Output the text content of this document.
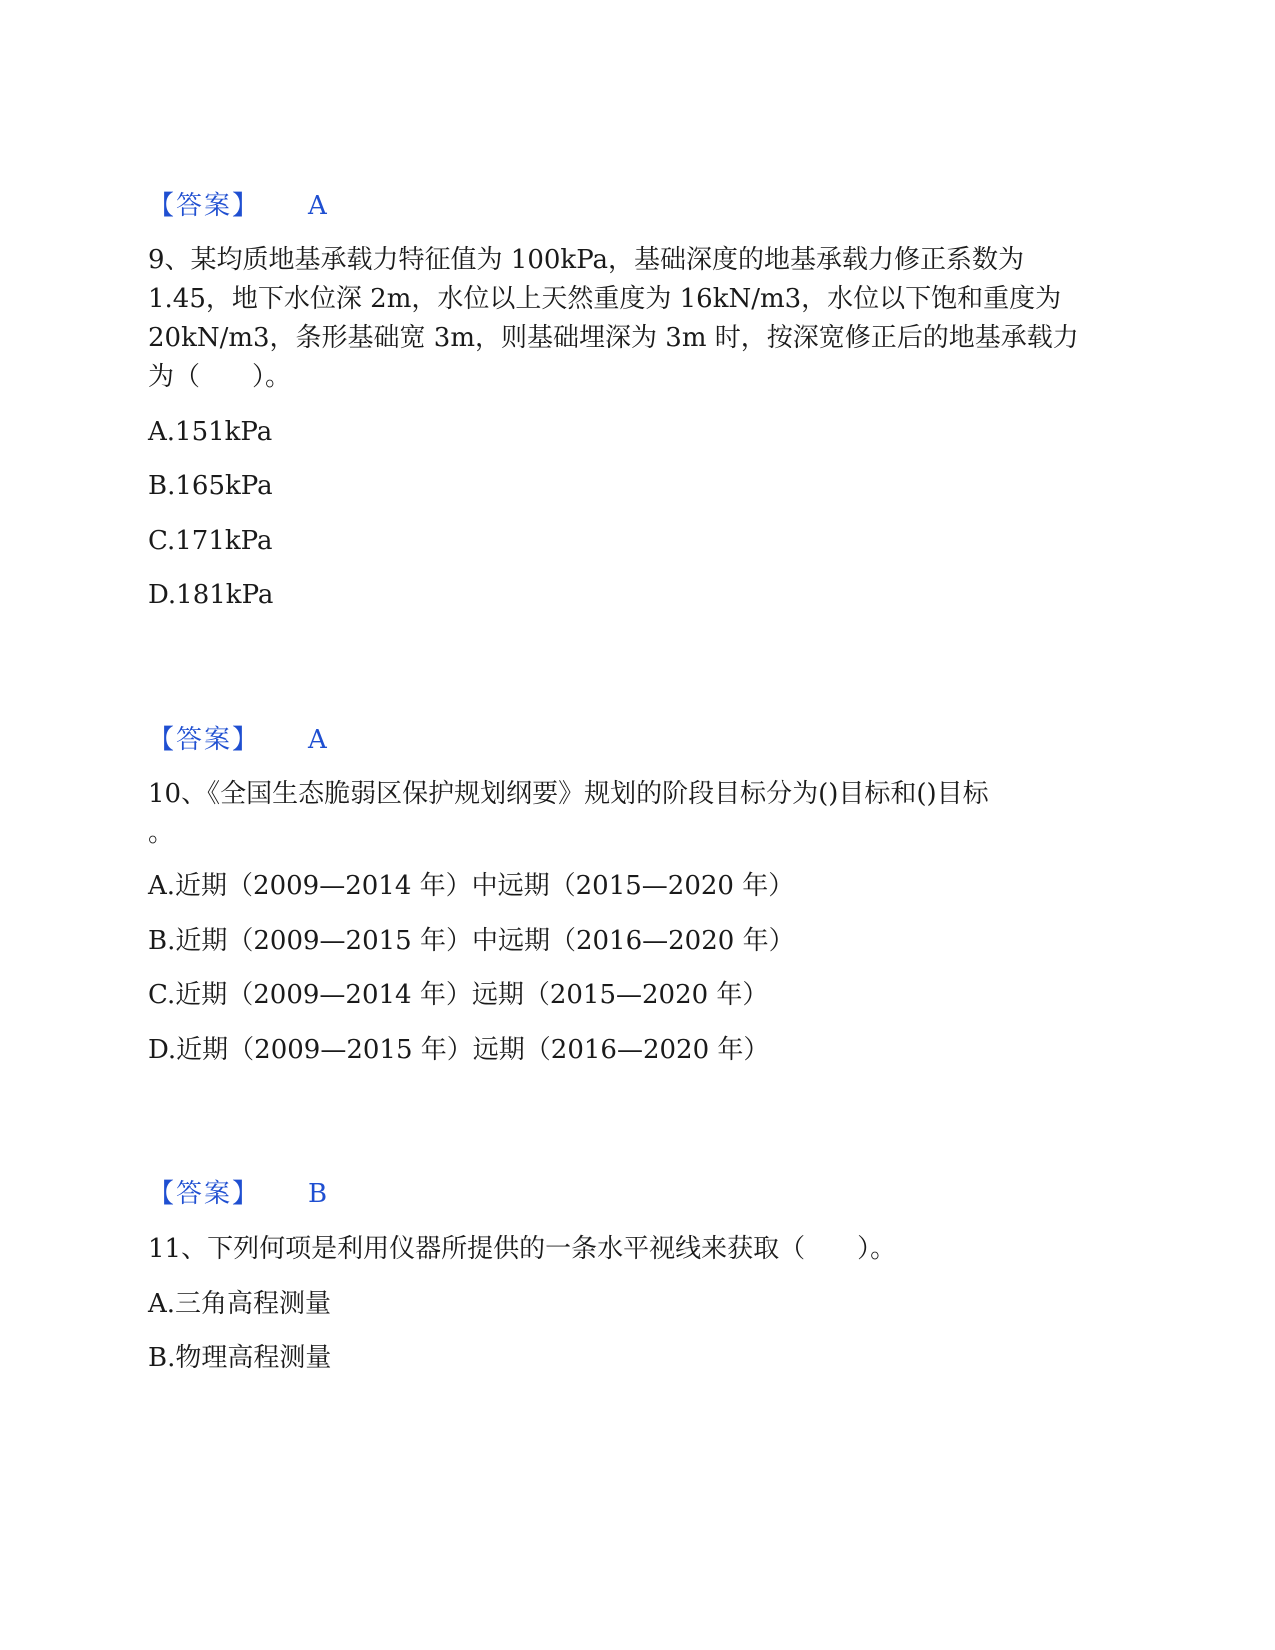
【答案】 A
9、某均质地基承载力特征值为 100kPa，基础深度的地基承载力修正系数为
1.45，地下水位深 2m，水位以上天然重度为 16kN/m3，水位以下饱和重度为
20kN/m3，条形基础宽 3m，则基础埋深为 3m 时，按深宽修正后的地基承载力
为（　　）。
A.151kPa
B.165kPa
C.171kPa
D.181kPa
【答案】 A
10、《全国生态脆弱区保护规划纲要》规划的阶段目标分为()目标和()目标
。
A.近期（2009—2014 年）中远期（2015—2020 年）
B.近期（2009—2015 年）中远期（2016—2020 年）
C.近期（2009—2014 年）远期（2015—2020 年）
D.近期（2009—2015 年）远期（2016—2020 年）
【答案】 B
11、下列何项是利用仪器所提供的一条水平视线来获取（　　）。
A.三角高程测量
B.物理高程测量
